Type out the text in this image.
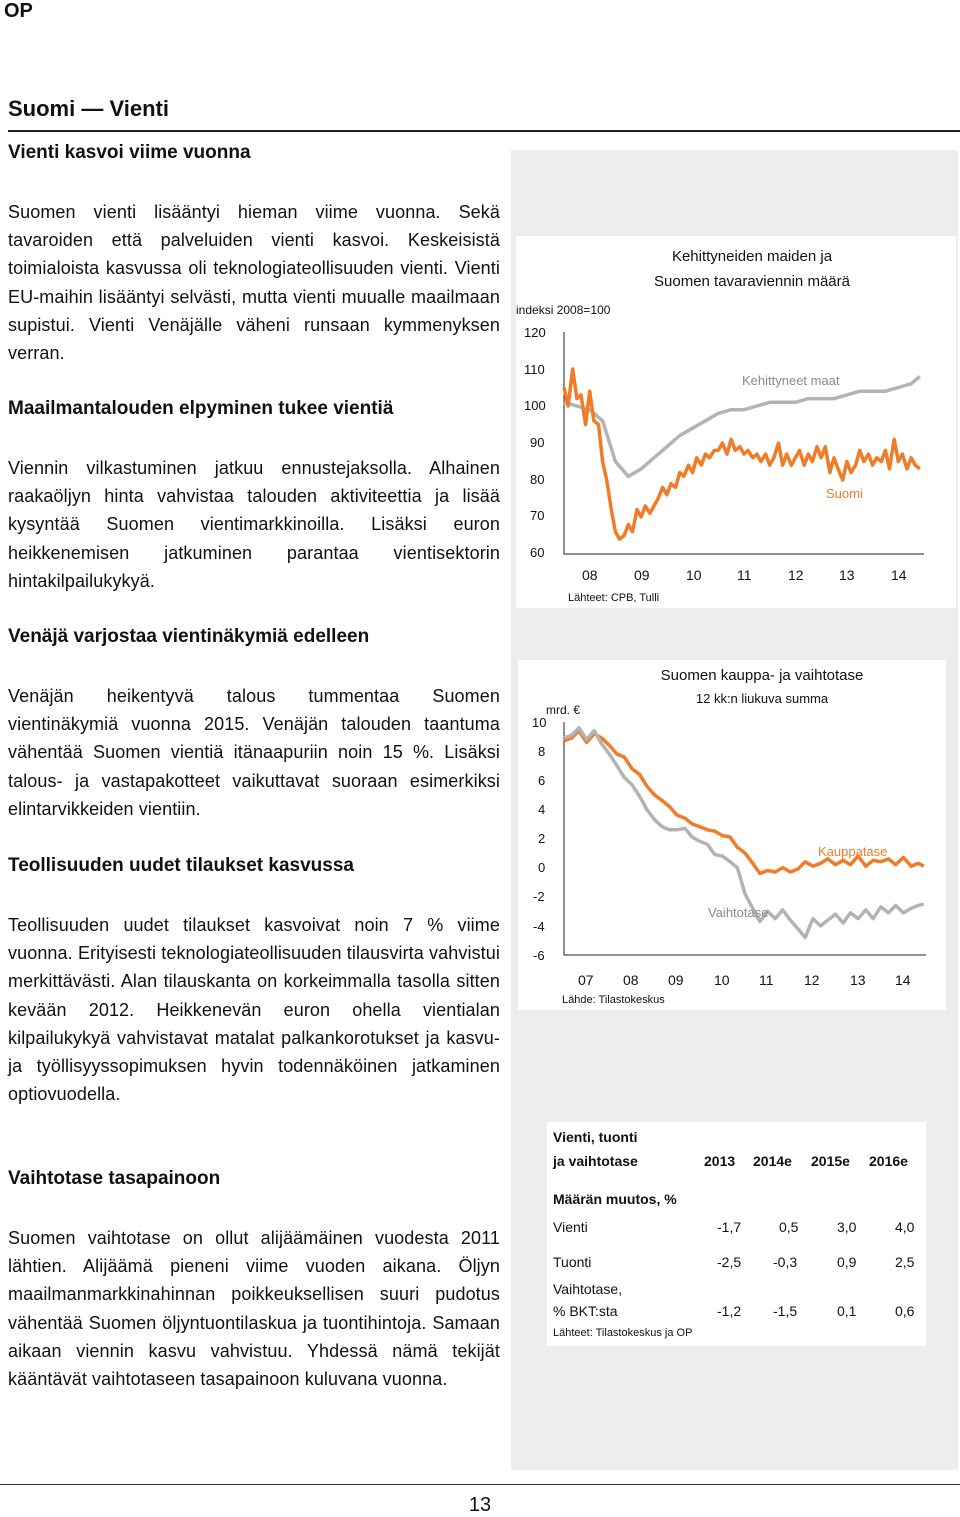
OP
Suomi — Vienti
Vienti kasvoi viime vuonna

Suomen vienti lisääntyi hieman viime vuonna. Sekä tavaroiden että palveluiden vienti kasvoi. Keskeisistä toimialoista kasvussa oli teknologiateollisuuden vienti. Vienti EU-maihin lisääntyi selvästi, mutta vienti muualle maailmaan supistui. Vienti Venäjälle väheni runsaan kymmenyksen verran.

Maailmantalouden elpyminen tukee vientiä

Viennin vilkastuminen jatkuu ennustejaksolla. Alhainen raakaöljyn hinta vahvistaa talouden aktiviteettia ja lisää kysyntää Suomen vientimarkkinoilla. Lisäksi euron heikkenemisen jatkuminen parantaa vientisektorin hintakilpailukykyä.

Venäjä varjostaa vientinäkymiä edelleen

Venäjän heikentyvä talous tummentaa Suomen vientinäkymiä vuonna 2015. Venäjän talouden taantuma vähentää Suomen vientiä itänaapuriin noin 15 %. Lisäksi talous- ja vastapakotteet vaikuttavat suoraan esimerkiksi elintarvikkeiden vientiin.

Teollisuuden uudet tilaukset kasvussa

Teollisuuden uudet tilaukset kasvoivat noin 7 % viime vuonna. Erityisesti teknologiateollisuuden tilausvirta vahvistui merkittävästi. Alan tilauskanta on korkeimmalla tasolla sitten kevään 2012. Heikkenevän euron ohella vientialan kilpailukykyä vahvistavat matalat palkankorotukset ja kasvu- ja työllisyyssopimuksen hyvin todennäköinen jatkaminen optiovuodella.

Vaihtotase tasapainoon

Suomen vaihtotase on ollut alijäämäinen vuodesta 2011 lähtien. Alijäämä pieneni viime vuoden aikana. Öljyn maailmanmarkkinahinnan poikkeuksellisen suuri pudotus vähentää Suomen öljyntuontilaskua ja tuontihintoja. Samaan aikaan viennin kasvu vahvistuu. Yhdessä nämä tekijät kääntävät vaihtotaseen tasapainoon kuluvana vuonna.

Kehittyneiden maiden ja
Suomen tavaraviennin määrä
indeksi 2008=100
120
110
100
90
80
70
60
Kehittyneet maat
Suomi
08	09	10	11	12	13	14
Lähteet: CPB, Tulli
Suomen kauppa- ja vaihtotase
12 kk:n liukuva summa
mrd. €
10
8
6
4
2
0
-2
-4
-6
Kauppatase
Vaihtotase
07 08 09 10 11 12 13 14
Lähde: Tilastokeskus
Vienti, tuonti
ja vaihtotase	2013 2014e 2015e 2016e
Määrän muutos, %
Vienti	-1,7	0,5	3,0	4,0
Tuonti	-2,5 -0,3	0,9	2,5
Vaihtotase,
% BKT:sta	-1,2 -1,5	0,1	0,6
Lähteet: Tilastokeskus ja OP
13
